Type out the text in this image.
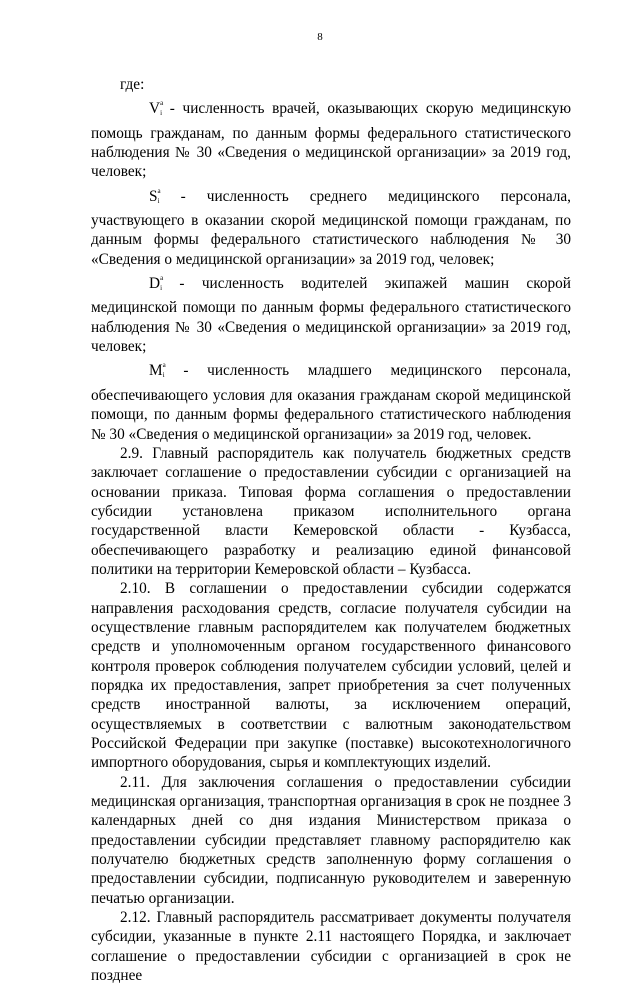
8

где:

$V^a_i$ - численность врачей, оказывающих скорую медицинскую помощь гражданам, по данным формы федерального статистического наблюдения № 30 «Сведения о медицинской организации» за 2019 год, человек;

$S^a_i$ - численность среднего медицинского персонала, участвующего в оказании скорой медицинской помощи гражданам, по данным формы федерального статистического наблюдения № 30 «Сведения о медицинской организации» за 2019 год, человек;

$D^a_i$ - численность водителей экипажей машин скорой медицинской помощи по данным формы федерального статистического наблюдения № 30 «Сведения о медицинской организации» за 2019 год, человек;

$M^a_i$ - численность младшего медицинского персонала, обеспечивающего условия для оказания гражданам скорой медицинской помощи, по данным формы федерального статистического наблюдения № 30 «Сведения о медицинской организации» за 2019 год, человек.

2.9. Главный распорядитель как получатель бюджетных средств заключает соглашение о предоставлении субсидии с организацией на основании приказа. Типовая форма соглашения о предоставлении субсидии установлена приказом исполнительного органа государственной власти Кемеровской области - Кузбасса, обеспечивающего разработку и реализацию единой финансовой политики на территории Кемеровской области – Кузбасса.

2.10. В соглашении о предоставлении субсидии содержатся направления расходования средств, согласие получателя субсидии на осуществление главным распорядителем как получателем бюджетных средств и уполномоченным органом государственного финансового контроля проверок соблюдения получателем субсидии условий, целей и порядка их предоставления, запрет приобретения за счет полученных средств иностранной валюты, за исключением операций, осуществляемых в соответствии с валютным законодательством Российской Федерации при закупке (поставке) высокотехнологичного импортного оборудования, сырья и комплектующих изделий.

2.11. Для заключения соглашения о предоставлении субсидии медицинская организация, транспортная организация в срок не позднее 3 календарных дней со дня издания Министерством приказа о предоставлении субсидии представляет главному распорядителю как получателю бюджетных средств заполненную форму соглашения о предоставлении субсидии, подписанную руководителем и заверенную печатью организации.

2.12. Главный распорядитель рассматривает документы получателя субсидии, указанные в пункте 2.11 настоящего Порядка, и заключает соглашение о предоставлении субсидии с организацией в срок не позднее
